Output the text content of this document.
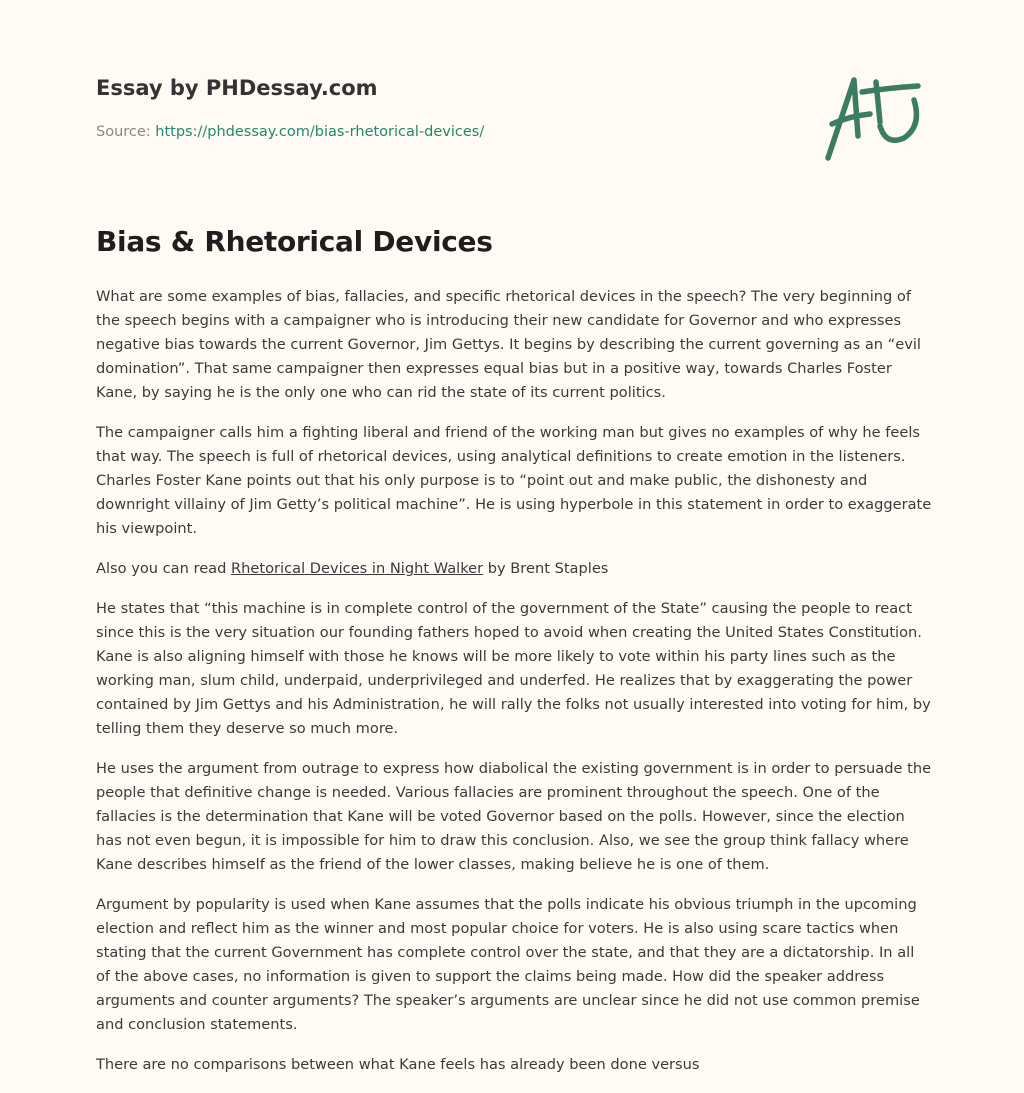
Essay by PHDessay.com
Source: https://phdessay.com/bias-rhetorical-devices/
Bias & Rhetorical Devices

What are some examples of bias, fallacies, and specific rhetorical devices in the speech? The very beginning of the speech begins with a campaigner who is introducing their new candidate for Governor and who expresses negative bias towards the current Governor, Jim Gettys. It begins by describing the current governing as an “evil domination”. That same campaigner then expresses equal bias but in a positive way, towards Charles Foster Kane, by saying he is the only one who can rid the state of its current politics.

The campaigner calls him a fighting liberal and friend of the working man but gives no examples of why he feels that way. The speech is full of rhetorical devices, using analytical definitions to create emotion in the listeners. Charles Foster Kane points out that his only purpose is to “point out and make public, the dishonesty and downright villainy of Jim Getty’s political machine”. He is using hyperbole in this statement in order to exaggerate his viewpoint.

Also you can read Rhetorical Devices in Night Walker by Brent Staples

He states that “this machine is in complete control of the government of the State” causing the people to react since this is the very situation our founding fathers hoped to avoid when creating the United States Constitution. Kane is also aligning himself with those he knows will be more likely to vote within his party lines such as the working man, slum child, underpaid, underprivileged and underfed. He realizes that by exaggerating the power contained by Jim Gettys and his Administration, he will rally the folks not usually interested into voting for him, by telling them they deserve so much more.

He uses the argument from outrage to express how diabolical the existing government is in order to persuade the people that definitive change is needed. Various fallacies are prominent throughout the speech. One of the fallacies is the determination that Kane will be voted Governor based on the polls. However, since the election has not even begun, it is impossible for him to draw this conclusion. Also, we see the group think fallacy where Kane describes himself as the friend of the lower classes, making believe he is one of them.

Argument by popularity is used when Kane assumes that the polls indicate his obvious triumph in the upcoming election and reflect him as the winner and most popular choice for voters. He is also using scare tactics when stating that the current Government has complete control over the state, and that they are a dictatorship. In all of the above cases, no information is given to support the claims being made. How did the speaker address arguments and counter arguments? The speaker’s arguments are unclear since he did not use common premise and conclusion statements.

There are no comparisons between what Kane feels has already been done versus
